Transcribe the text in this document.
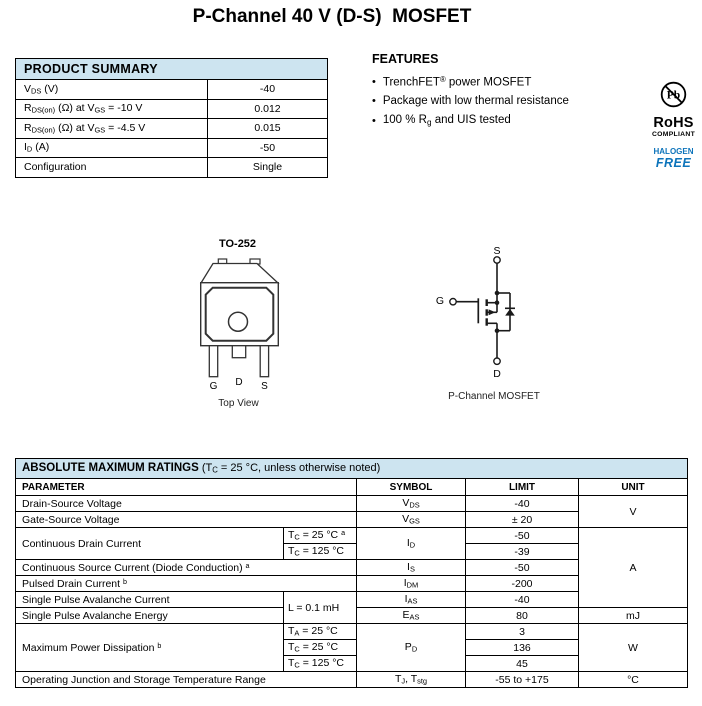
P-Channel 40 V (D-S)  MOSFET
PRODUCT SUMMARY	
VDS (V)	-40
RDS(on) (Ω) at VGS = -10 V	0.012
RDS(on) (Ω) at VGS = -4.5 V	0.015
ID (A)	-50
Configuration	Single
FEATURES
• TrenchFET® power MOSFET
• Package with low thermal resistance
• 100 % Rg and UIS tested
Pb
RoHS
COMPLIANT
HALOGEN
FREE
TO-252
G D S
Top View
S
G
D
P-Channel MOSFET
ABSOLUTE MAXIMUM RATINGS (TC = 25 °C, unless otherwise noted)				
PARAMETER		SYMBOL	LIMIT	UNIT
Drain-Source Voltage		VDS	-40	V
Gate-Source Voltage		VGS	± 20	
Continuous Drain Current	TC = 25 °C $^a$	ID	-50	A
	TC = 125 °C		-39	
Continuous Source Current (Diode Conduction) $^a$		IS	-50	
Pulsed Drain Current $^b$		IDM	-200	
Single Pulse Avalanche Current	L = 0.1 mH	IAS	-40	
Single Pulse Avalanche Energy		EAS	80	mJ
Maximum Power Dissipation $^b$	TA = 25 °C	PD	3	W
	TC = 25 °C		136	
	TC = 125 °C		45	
Operating Junction and Storage Temperature Range		TJ, Tstg	-55 to +175	°C
